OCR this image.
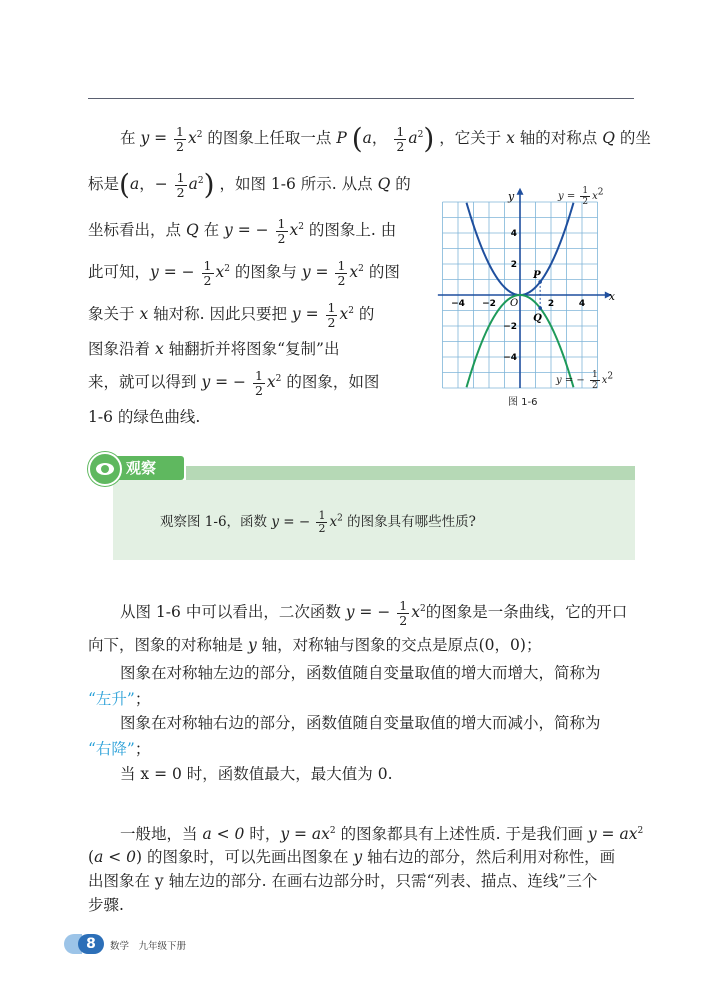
在 $y = \frac{1}{2} x^2$ 的图象上任取一点 P (a， $\frac{1}{2} a^2$) ，它关于 x 轴的对称点 Q 的坐
标是(a，− $\frac{1}{2} a^2$) ，如图 1-6 所示. 从点 Q 的
坐标看出，点 Q 在 y = − $\frac{1}{2} x^2$ 的图象上. 由
此可知，y = − $\frac{1}{2} x^2$ 的图象与 $y = \frac{1}{2} x^2$ 的图
象关于 x 轴对称. 因此只要把 $y = \frac{1}{2} x^2$ 的
图象沿着 x 轴翻折并将图象“复制”出
来，就可以得到 y = − $\frac{1}{2} x^2$ 的图象，如图
1-6 的绿色曲线.
−4 −2	2	4
4
2
−2
−4
x
y
O
P
Q
$y = \frac{1}{2} x^2$
y = − $\frac{1}{2} x^2$
图 1-6
观察
观察图 1-6，函数 y = − $\frac{1}{2} x^2$ 的图象具有哪些性质?
从图 1-6 中可以看出，二次函数 y = − $\frac{1}{2} x^2$的图象是一条曲线，它的开口
向下，图象的对称轴是 y 轴，对称轴与图象的交点是原点(0，0)；
图象在对称轴左边的部分，函数值随自变量取值的增大而增大，简称为
“左升”；
图象在对称轴右边的部分，函数值随自变量取值的增大而减小，简称为
“右降”；
当 x = 0 时，函数值最大，最大值为 0.
一般地，当 a < 0 时，$y = ax^2$ 的图象都具有上述性质. 于是我们画 $y = ax^2$
(a < 0) 的图象时，可以先画出图象在 y 轴右边的部分，然后利用对称性，画
出图象在 y 轴左边的部分. 在画右边部分时，只需“列表、描点、连线”三个
步骤.
8	数学　九年级下册
